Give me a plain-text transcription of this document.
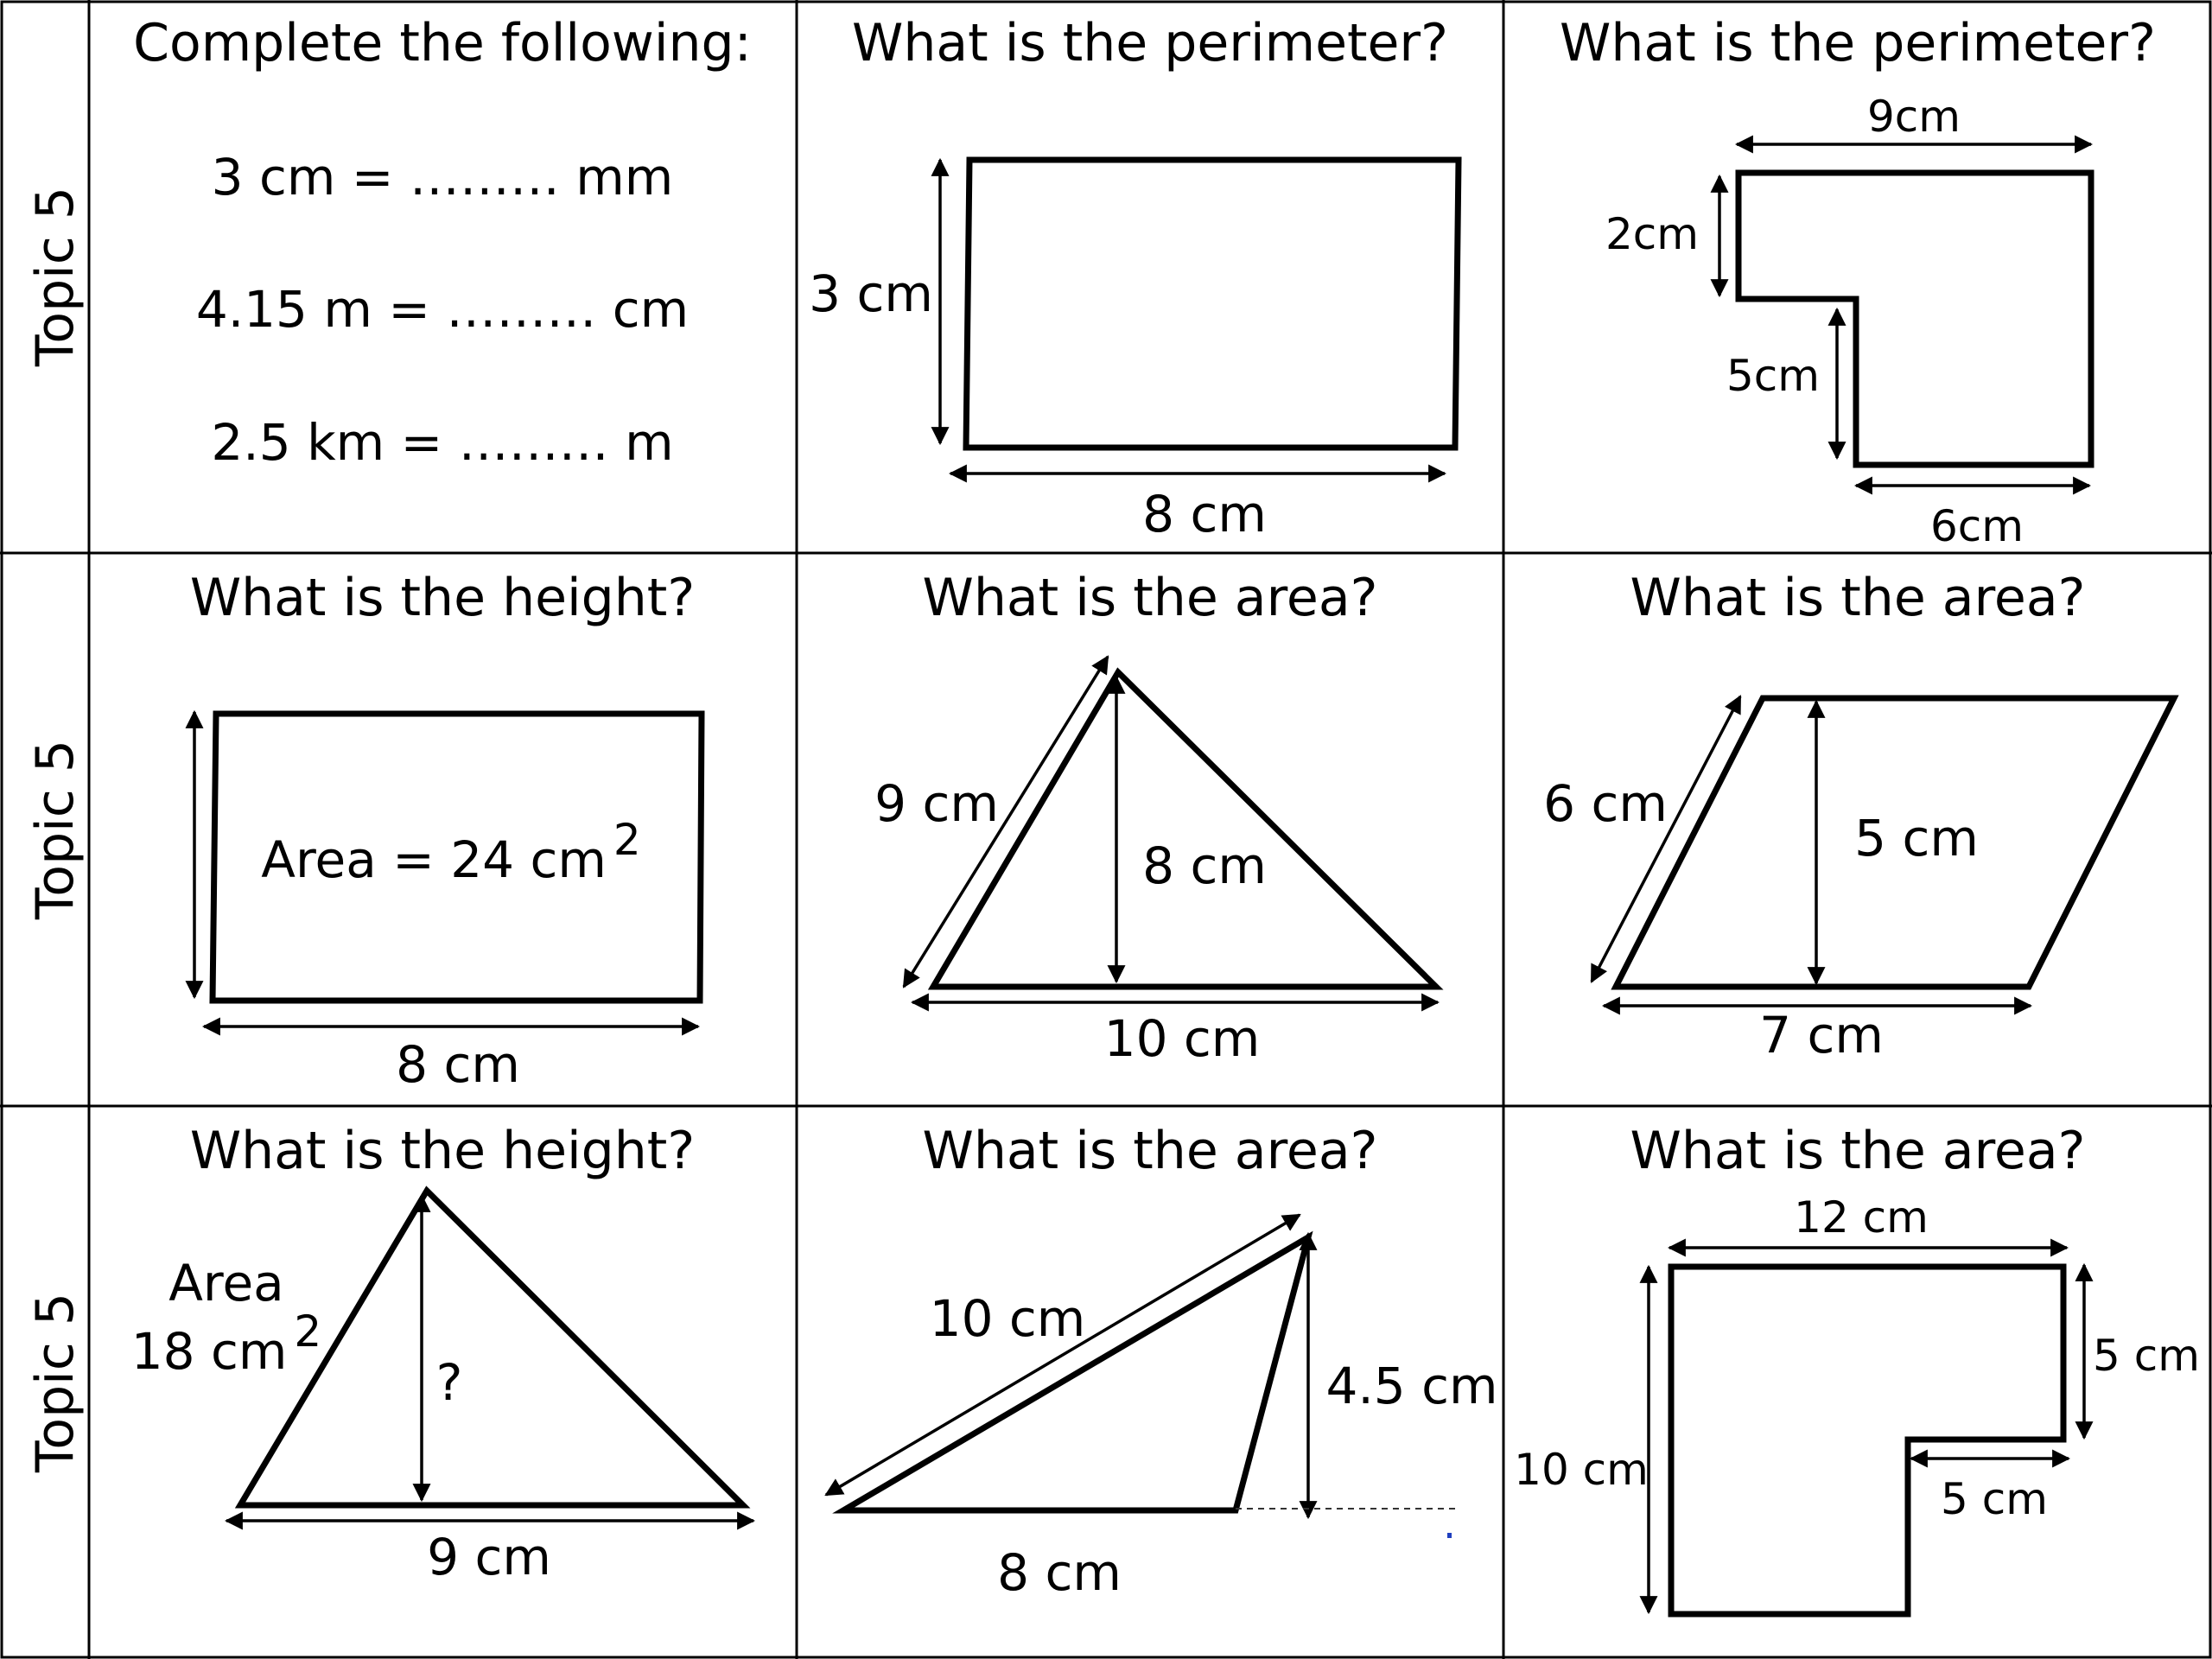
Topic 5
Topic 5
Topic 5
Complete the following:
3 cm = ……… mm
4.15 m = ……… cm
2.5 km = ……… m
What is the perimeter?
3 cm
8 cm
What is the perimeter?
9cm
2cm
5cm
6cm
What is the height?
Area = 24 cm 2
8 cm
What is the area?
9 cm
8 cm
10 cm
What is the area?
6 cm
5 cm
7 cm
What is the height?
Area
18 cm 2
?
9 cm
What is the area?
10 cm
4.5 cm
8 cm
What is the area?
12 cm
5 cm
5 cm
10 cm
